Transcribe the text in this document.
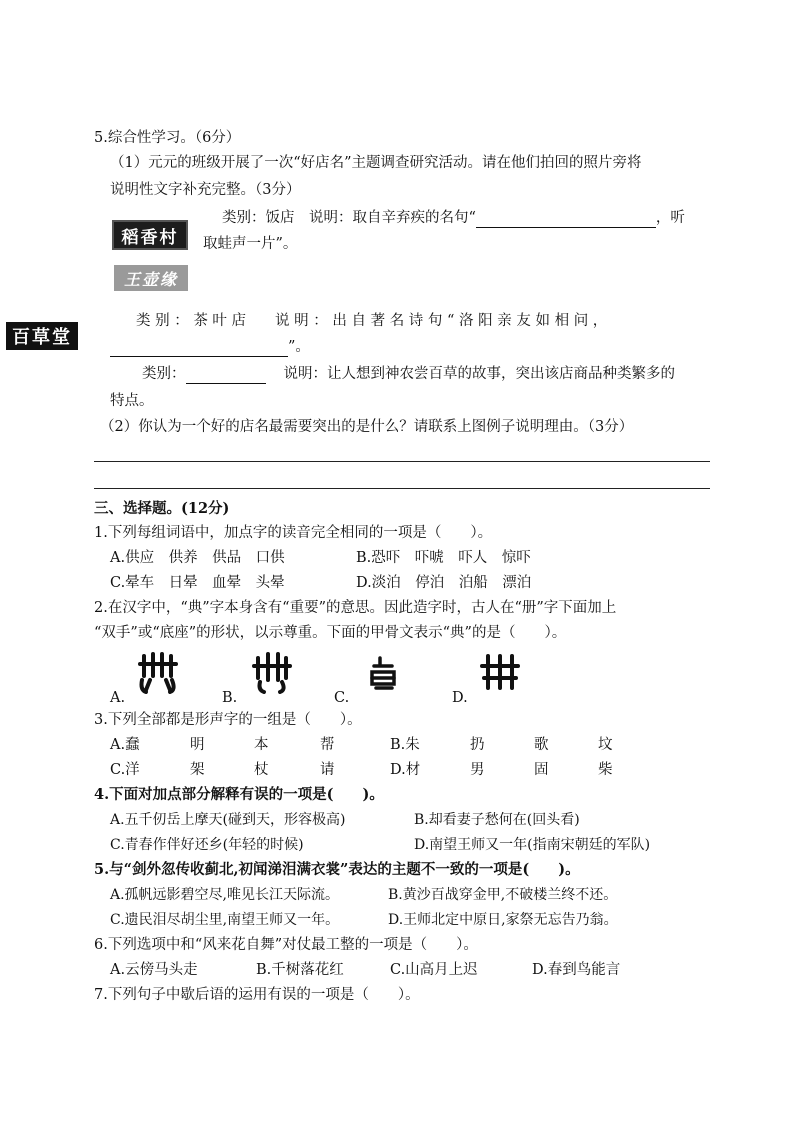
5.综合性学习。（6分）
（1）元元的班级开展了一次“好店名”主题调查研究活动。请在他们拍回的照片旁将
说明性文字补充完整。（3分）
稻香村
类别：饭店　说明：取自辛弃疾的名句“	，听
取蛙声一片”。
王壶缘
百草堂
类 别 ： 茶 叶 店　　说 明 ： 出 自 著 名 诗 句 “ 洛 阳 亲 友 如 相 问 ，
”。
类别：	说明：让人想到神农尝百草的故事，突出该店商品种类繁多的
特点。
（2）你认为一个好的店名最需要突出的是什么？请联系上图例子说明理由。（3分）
三、选择题。(12分)
1.下列每组词语中，加点字的读音完全相同的一项是（　　）。
A.供应　供养　供品　口供	B.恐吓　吓唬　吓人　惊吓
C.晕车　日晕　血晕　头晕	D.淡泊　停泊　泊船　漂泊
2.在汉字中，“典”字本身含有“重要”的意思。因此造字时，古人在“册”字下面加上
“双手”或“底座”的形状，以示尊重。下面的甲骨文表示“典”的是（　　）。
A.	B.	C.	D.
3.下列全部都是形声字的一组是（　　）。
A.蠢	明	本	帮	B.朱	扔	歌	坟
C.洋	架	杖	请	D.材	男	固	柴
4.下面对加点部分解释有误的一项是(　　)。
A.五千仞岳上摩天(碰到天，形容极高)	B.却看妻子愁何在(回头看)
C.青春作伴好还乡(年轻的时候)	D.南望王师又一年(指南宋朝廷的军队)
5.与“剑外忽传收蓟北,初闻涕泪满衣裳”表达的主题不一致的一项是(　　)。
A.孤帆远影碧空尽,唯见长江天际流。	B.黄沙百战穿金甲,不破楼兰终不还。
C.遗民泪尽胡尘里,南望王师又一年。	D.王师北定中原日,家祭无忘告乃翁。
6.下列选项中和“风来花自舞”对仗最工整的一项是（　　）。
A.云傍马头走	B.千树落花红	C.山高月上迟	D.春到鸟能言
7.下列句子中歇后语的运用有误的一项是（　　）。
